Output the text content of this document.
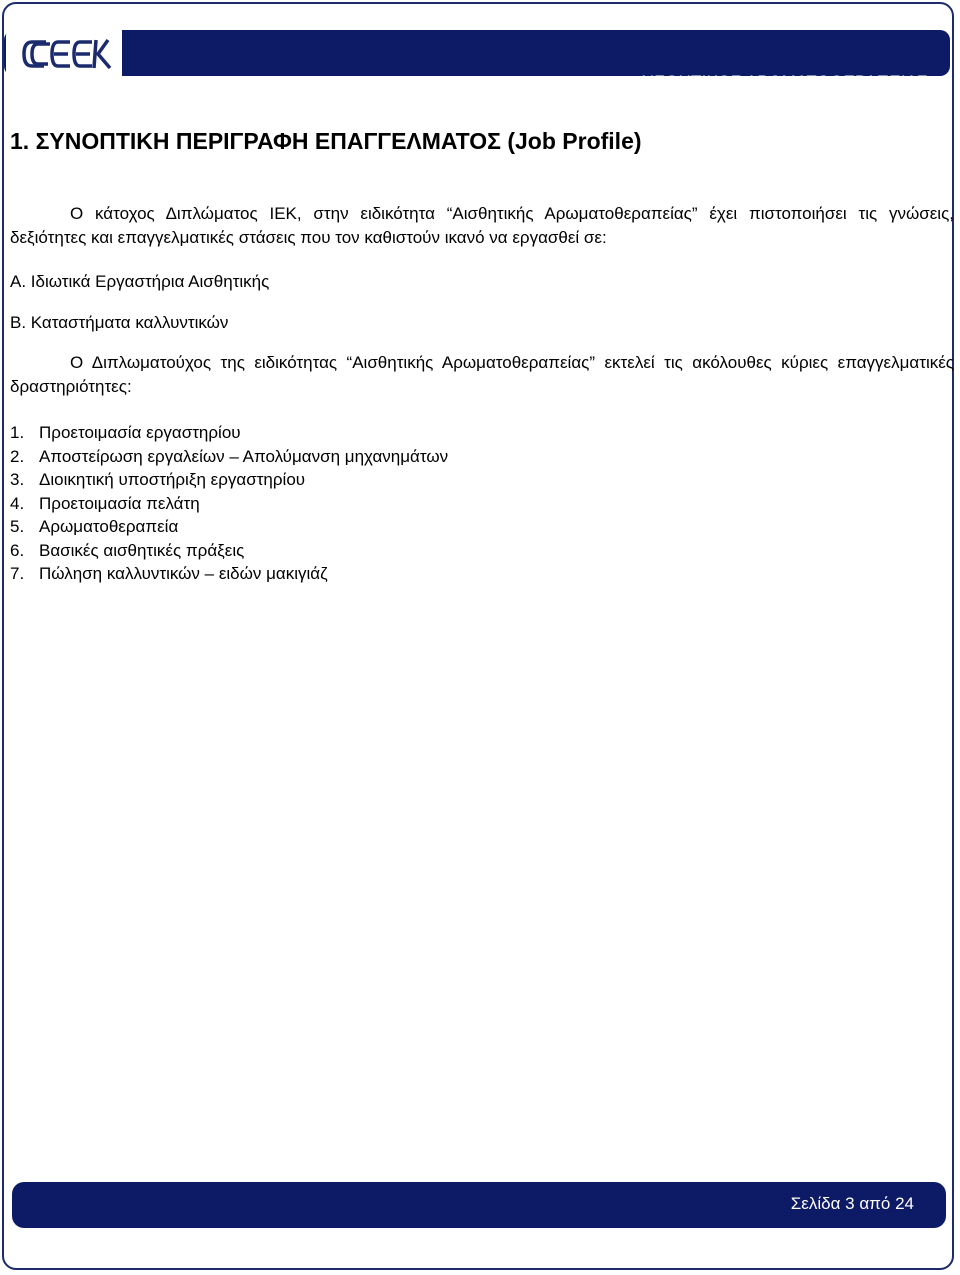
ΑΙΣΘΗΤΙΚΟΣ ΑΡΩΜΑΤΟΘΕΡΑΠΕΙΑΣ
1. ΣΥΝΟΠΤΙΚΗ ΠΕΡΙΓΡΑΦΗ ΕΠΑΓΓΕΛΜΑΤΟΣ (Job Profile)
Ο κάτοχος Διπλώματος ΙΕΚ, στην ειδικότητα “Αισθητικής Αρωματοθεραπείας” έχει πιστοποιήσει τις γνώσεις, δεξιότητες και επαγγελματικές στάσεις που τον καθιστούν ικανό να εργασθεί σε:
Α. Ιδιωτικά Εργαστήρια Αισθητικής
Β. Καταστήματα καλλυντικών
Ο Διπλωματούχος της ειδικότητας “Αισθητικής Αρωματοθεραπείας” εκτελεί τις ακόλουθες κύριες επαγγελματικές δραστηριότητες:
1. Προετοιμασία εργαστηρίου
2. Αποστείρωση εργαλείων – Απολύμανση μηχανημάτων
3. Διοικητική υποστήριξη εργαστηρίου
4. Προετοιμασία πελάτη
5. Αρωματοθεραπεία
6. Βασικές αισθητικές πράξεις
7. Πώληση καλλυντικών – ειδών μακιγιάζ
Σελίδα 3 από 24
